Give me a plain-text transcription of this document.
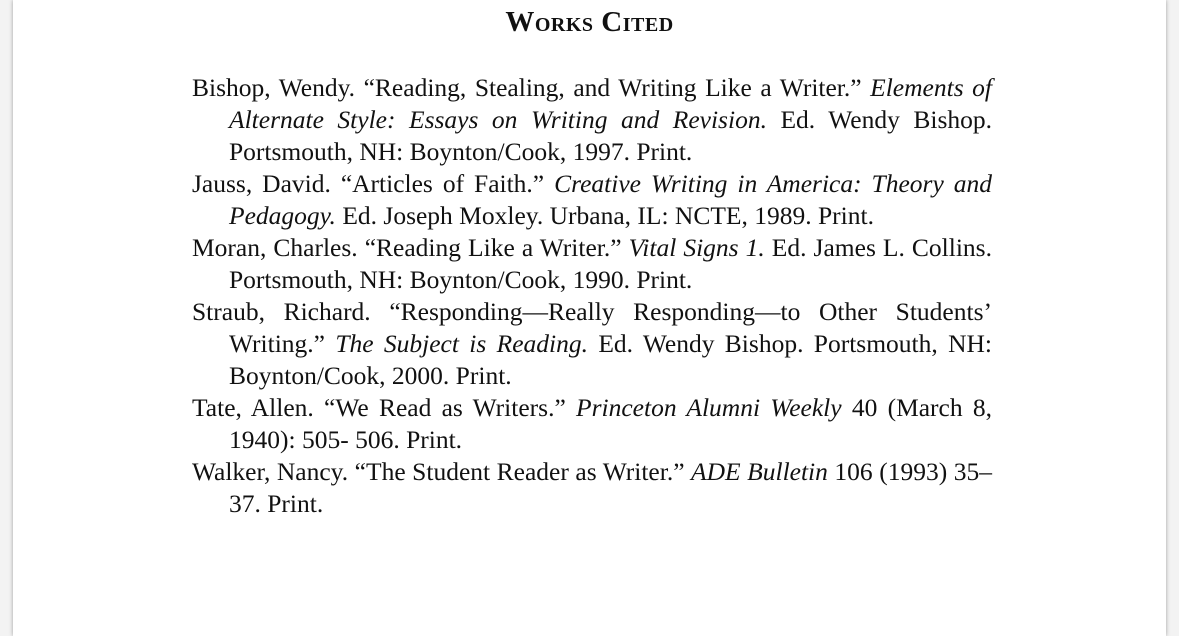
Works Cited

Bishop, Wendy. “Reading, Stealing, and Writing Like a Writer.” Elements of Alternate Style: Essays on Writing and Revision. Ed. Wendy Bishop. Portsmouth, NH: Boynton/Cook, 1997. Print.

Jauss, David. “Articles of Faith.” Creative Writing in America: Theory and Pedagogy. Ed. Joseph Moxley. Urbana, IL: NCTE, 1989. Print.

Moran, Charles. “Reading Like a Writer.” Vital Signs 1. Ed. James L. Collins. Portsmouth, NH: Boynton/Cook, 1990. Print.

Straub, Richard. “Responding—Really Responding—to Other Students’ Writing.” The Subject is Reading. Ed. Wendy Bishop. Portsmouth, NH: Boynton/Cook, 2000. Print.

Tate, Allen. “We Read as Writers.” Princeton Alumni Weekly 40 (March 8, 1940): 505- 506. Print.

Walker, Nancy. “The Student Reader as Writer.” ADE Bulletin 106 (1993) 35–37. Print.
